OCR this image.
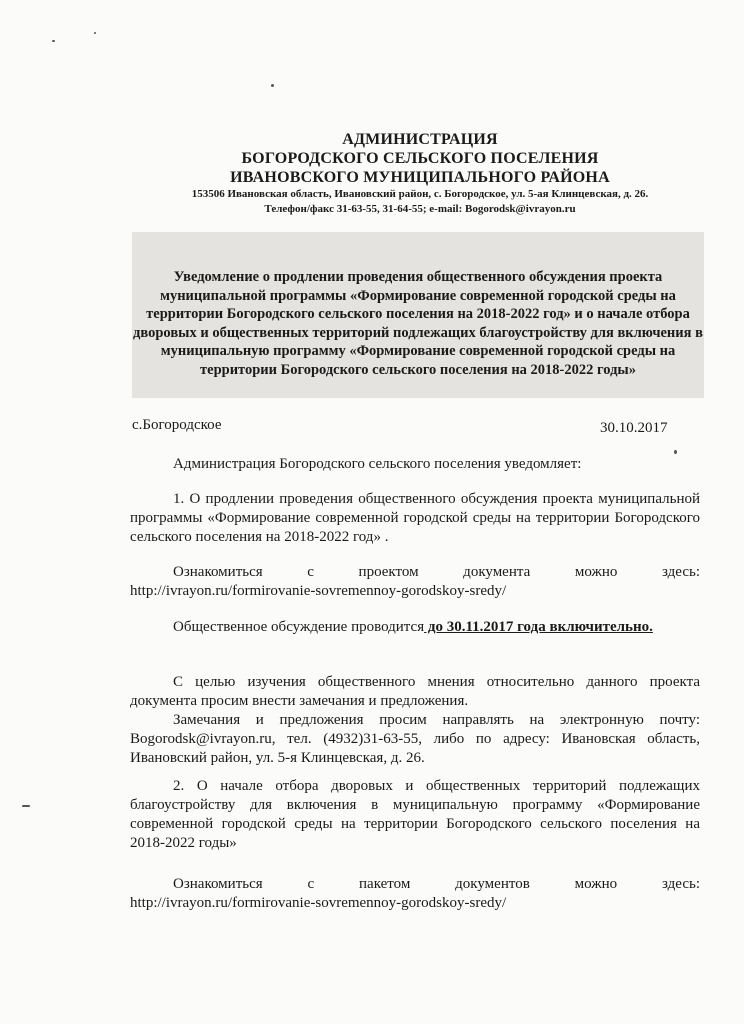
АДМИНИСТРАЦИЯ
БОГОРОДСКОГО СЕЛЬСКОГО ПОСЕЛЕНИЯ
ИВАНОВСКОГО МУНИЦИПАЛЬНОГО РАЙОНА
153506 Ивановская область, Ивановский район, с. Богородское, ул. 5-ая Клинцевская, д. 26.
Телефон/факс 31-63-55, 31-64-55; e-mail: Bogorodsk@ivrayon.ru
Уведомление о продлении проведения общественного обсуждения проекта муниципальной программы «Формирование современной городской среды на территории Богородского сельского поселения на 2018-2022 год» и о начале отбора дворовых и общественных территорий подлежащих благоустройству для включения в муниципальную программу «Формирование современной городской среды на территории Богородского сельского поселения на 2018-2022 годы»
с.Богородское	30.10.2017
Администрация Богородского сельского поселения уведомляет:
1. О продлении проведения общественного обсуждения проекта муниципальной программы «Формирование современной городской среды на территории Богородского сельского поселения на 2018-2022 год» .
Ознакомиться с проектом документа можно здесь:
http://ivrayon.ru/formirovanie-sovremennoy-gorodskoy-sredy/
Общественное обсуждение проводится до 30.11.2017 года включительно.
С целью изучения общественного мнения относительно данного проекта документа просим внести замечания и предложения.
Замечания и предложения просим направлять на электронную почту: Bogorodsk@ivrayon.ru, тел. (4932)31-63-55, либо по адресу: Ивановская область, Ивановский район, ул. 5-я Клинцевская, д. 26.
2. О начале отбора дворовых и общественных территорий подлежащих благоустройству для включения в муниципальную программу «Формирование современной городской среды на территории Богородского сельского поселения на 2018-2022 годы»
Ознакомиться с пакетом документов можно здесь:
http://ivrayon.ru/formirovanie-sovremennoy-gorodskoy-sredy/
